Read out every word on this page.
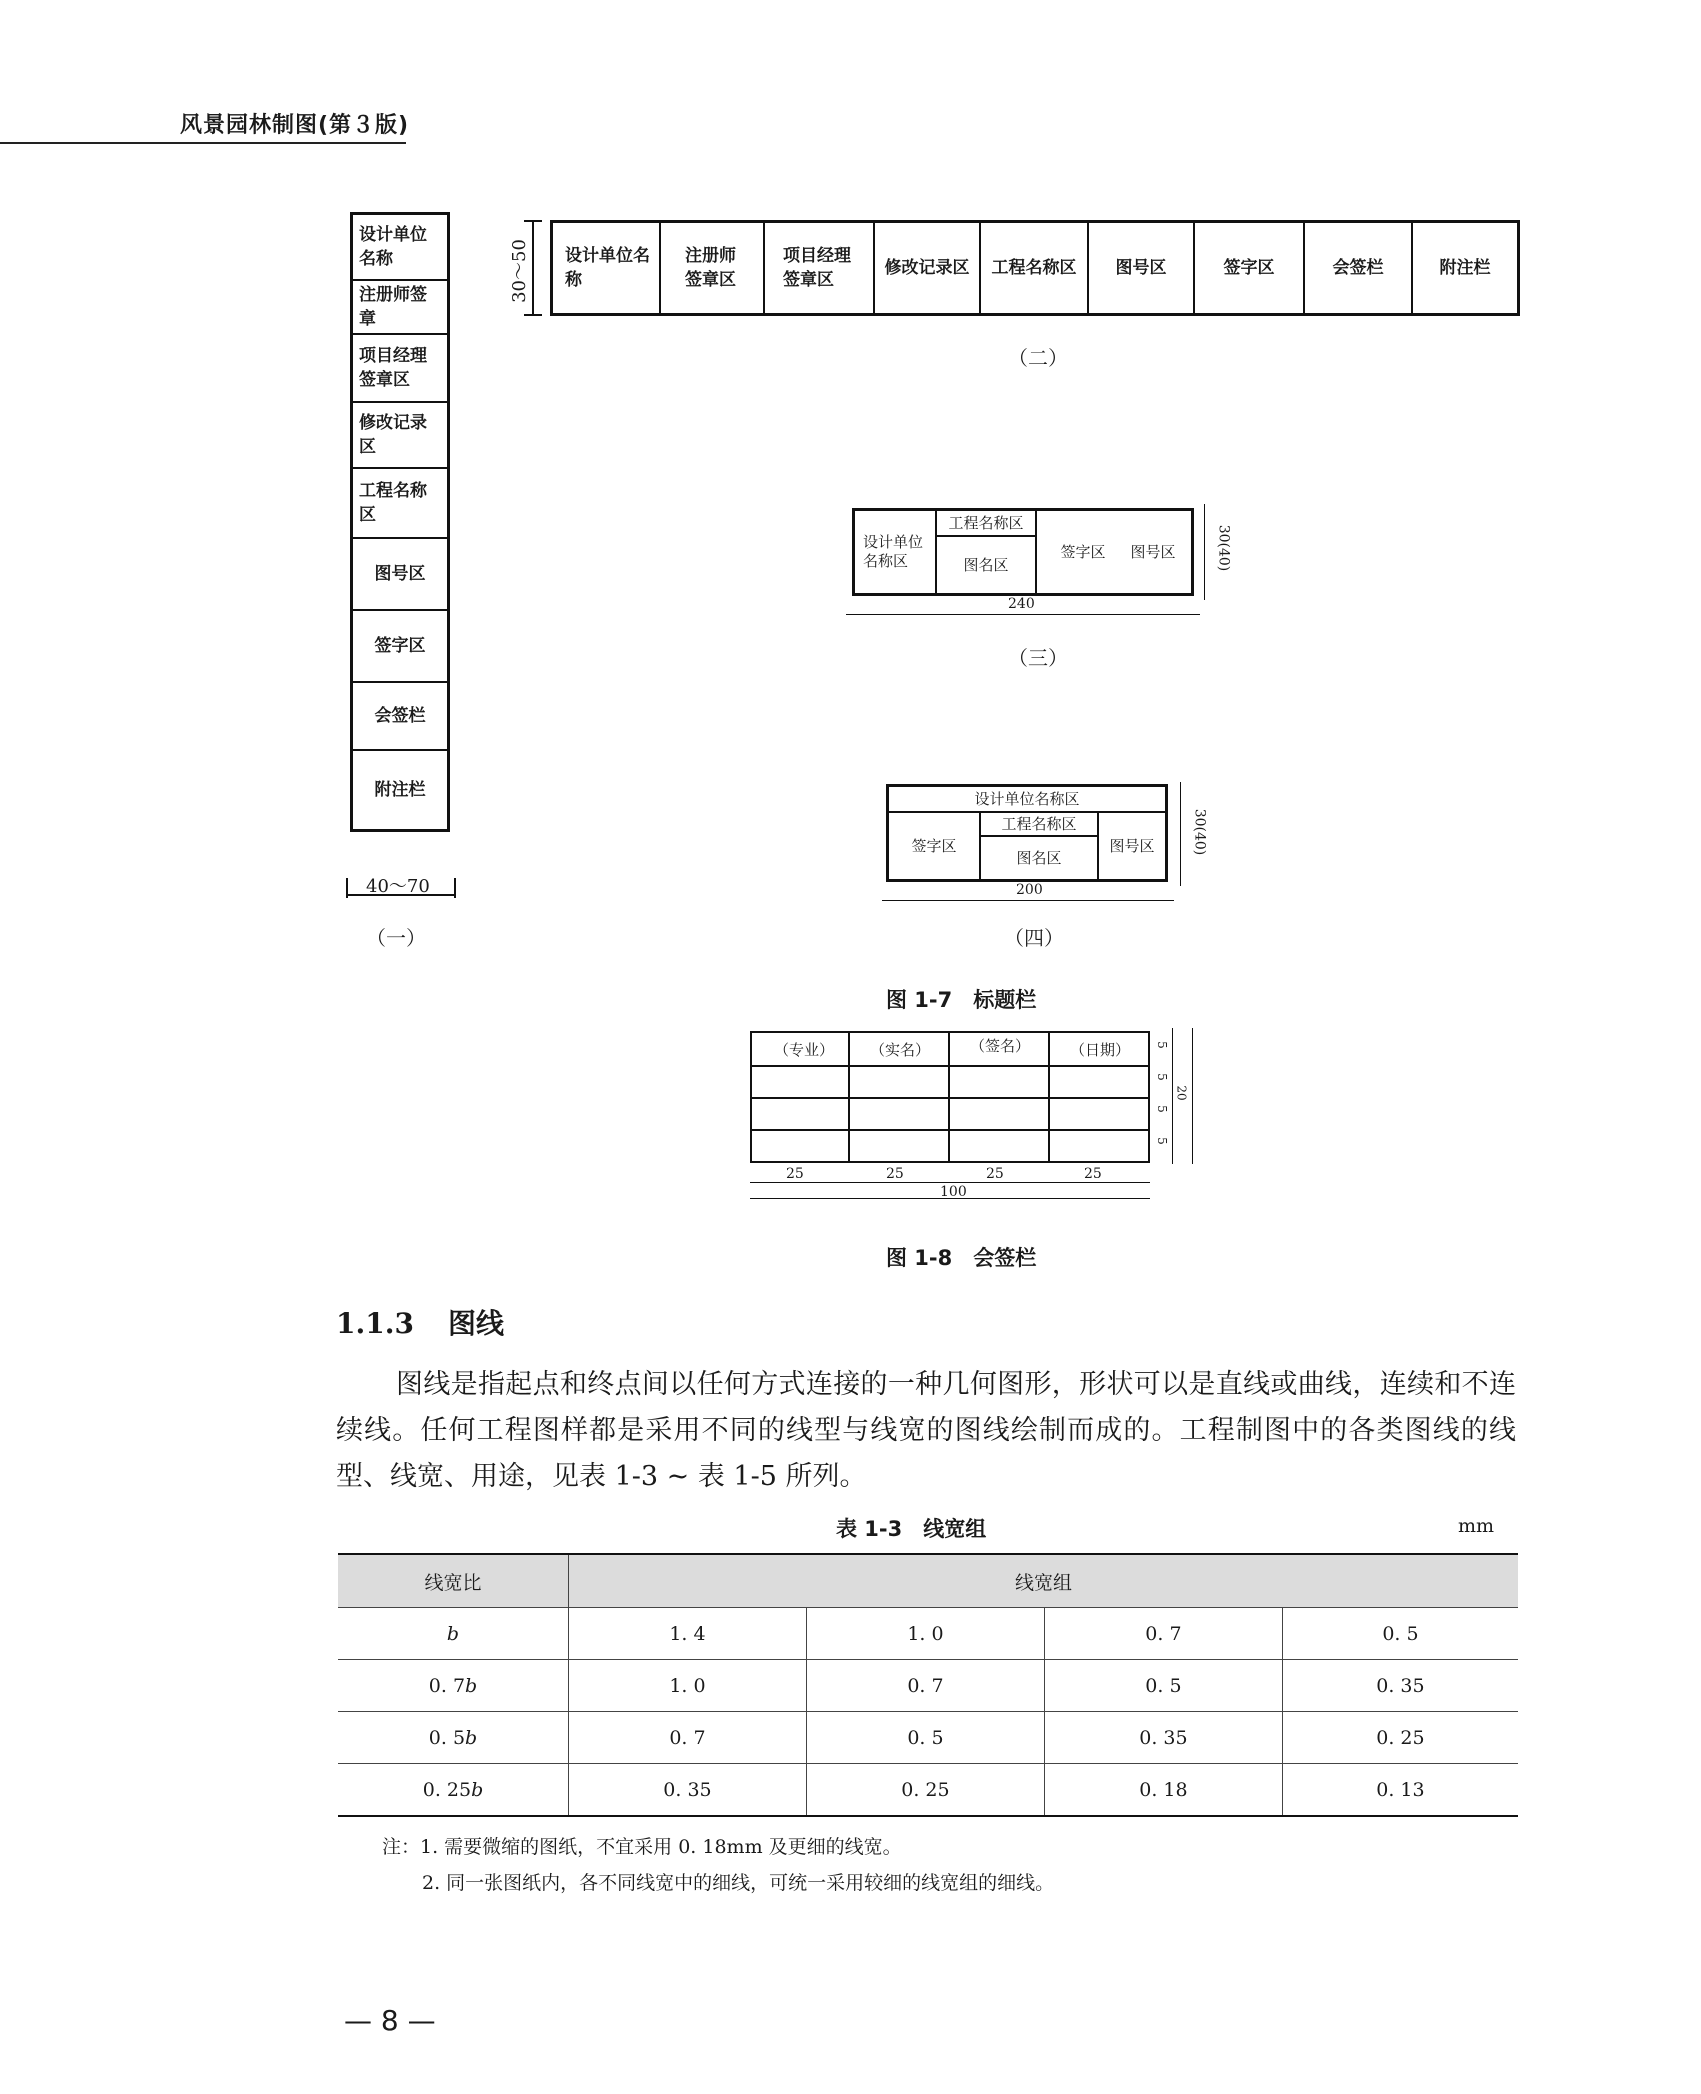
风景园林制图(第３版)
设计单位名称
注册师签章
项目经理签章区
修改记录区
工程名称区
图号区
签字区
会签栏
附注栏
40～70
（一）
30～50	设计单位名称
注册师签章区
项目经理签章区
修改记录区	工程名称区	图号区	签字区	会签栏	附注栏
（二）
设计单位名称区
工程名称区
图名区
签字区	图号区
240
30(40)
（三）
设计单位名称区
签字区
工程名称区
图名区
图号区
200
30(40)
（四）
图 1-7　标题栏
（专业） （实名）	（签名）	（日期）
25	25	25	25
100
5
5
5
5
20
图 1-8　会签栏
1.1.3 图线
图线是指起点和终点间以任何方式连接的一种几何图形，形状可以是直线或曲线，连续和不连续线。任何工程图样都是采用不同的线型与线宽的图线绘制而成的。工程制图中的各类图线的线型、线宽、用途，见表 1-3 ~ 表 1-5 所列。
表 1-3　线宽组	mm
线宽比	线宽组			
b	1. 4	1. 0	0. 7	0. 5
0. 7b	1. 0	0. 7	0. 5	0. 35
0. 5b	0. 7	0. 5	0. 35	0. 25
0. 25b	0. 35	0. 25	0. 18	0. 13
注：1. 需要微缩的图纸，不宜采用 0. 18mm 及更细的线宽。
2. 同一张图纸内，各不同线宽中的细线，可统一采用较细的线宽组的细线。
— 8 —
